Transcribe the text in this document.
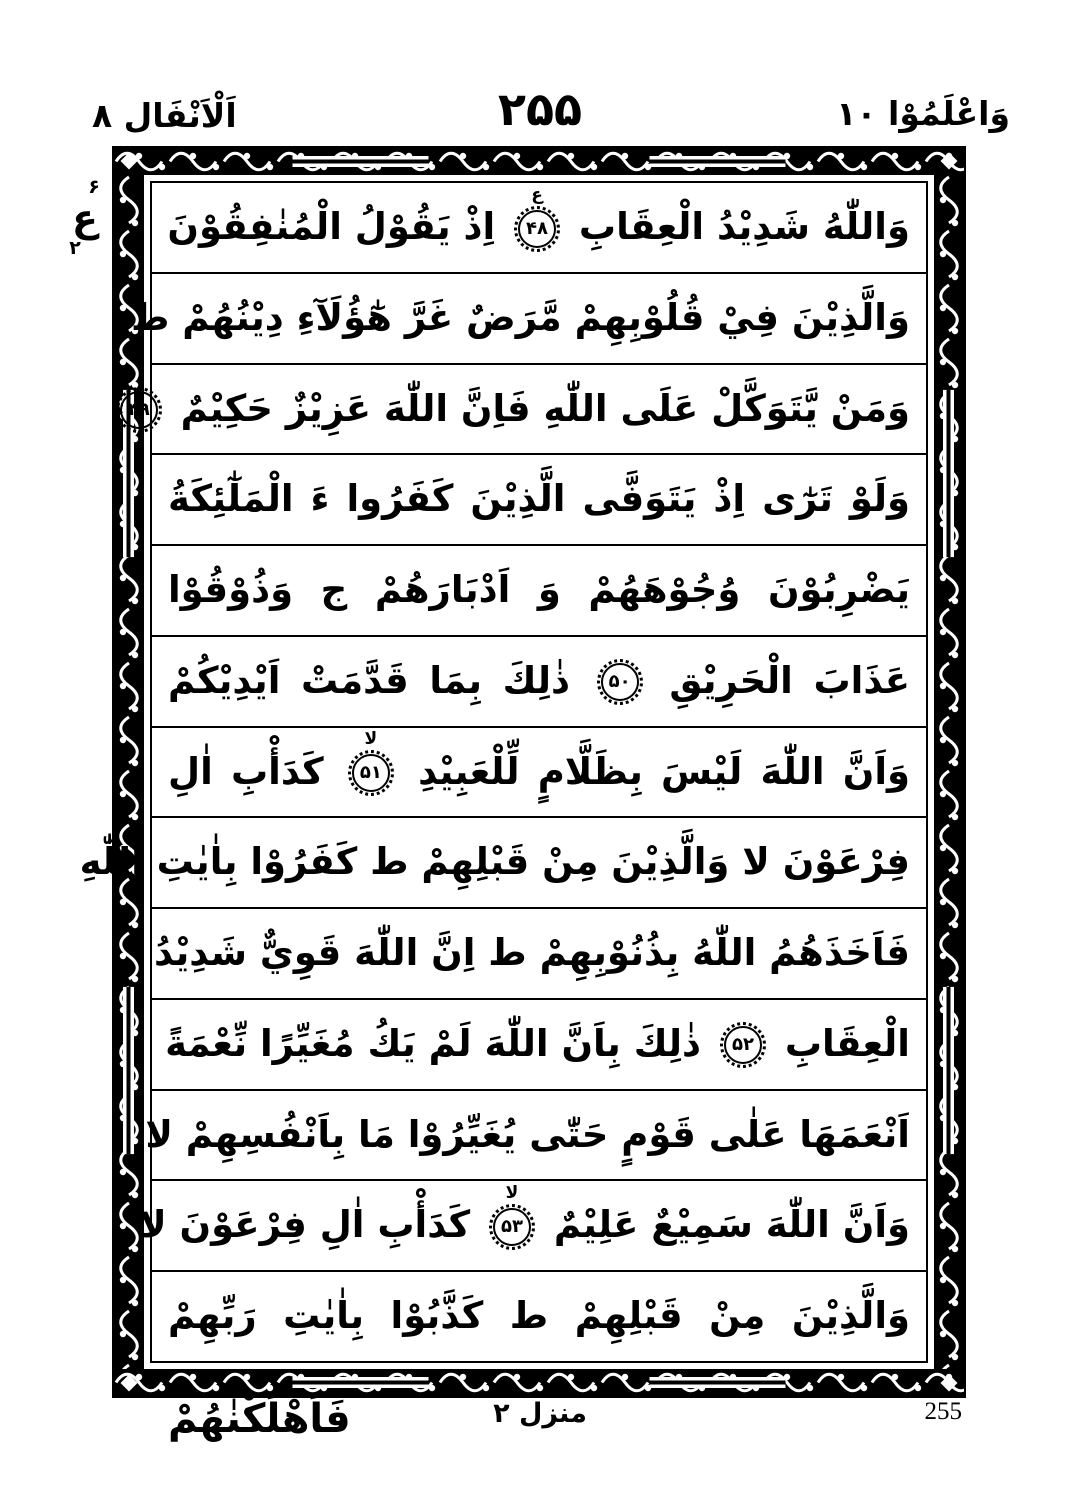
اَلْاَنْفَال ۸	۲۵۵	وَاعْلَمُوْا ۱۰
۶
ع
۲	وَاللّٰهُ شَدِيْدُ الْعِقَابِ
ع
۴۸
اِذْ يَقُوْلُ الْمُنٰفِقُوْنَ
وَالَّذِيْنَ فِيْ قُلُوْبِهِمْ مَّرَضٌ غَرَّ هٰٓؤُلَآءِ دِيْنُهُمْ ط
وَمَنْ يَّتَوَكَّلْ عَلَى اللّٰهِ فَاِنَّ اللّٰهَ عَزِيْزٌ حَكِيْمٌ
۴۹
وَلَوْ تَرٰٓى اِذْ يَتَوَفَّى الَّذِيْنَ كَفَرُوا ءَ الْمَلٰٓئِكَةُ
يَضْرِبُوْنَ وُجُوْهَهُمْ وَ اَدْبَارَهُمْ ج وَذُوْقُوْا
عَذَابَ الْحَرِيْقِ
۵۰
ذٰلِكَ بِمَا قَدَّمَتْ اَيْدِيْكُمْ
وَاَنَّ اللّٰهَ لَيْسَ بِظَلَّامٍ لِّلْعَبِيْدِ
لا
۵۱
كَدَأْبِ اٰلِ
فِرْعَوْنَ لا وَالَّذِيْنَ مِنْ قَبْلِهِمْ ط كَفَرُوْا بِاٰيٰتِ اللّٰهِ
فَاَخَذَهُمُ اللّٰهُ بِذُنُوْبِهِمْ ط اِنَّ اللّٰهَ قَوِيٌّ شَدِيْدُ
الْعِقَابِ
۵۲
ذٰلِكَ بِاَنَّ اللّٰهَ لَمْ يَكُ مُغَيِّرًا نِّعْمَةً
اَنْعَمَهَا عَلٰى قَوْمٍ حَتّٰى يُغَيِّرُوْا مَا بِاَنْفُسِهِمْ لا
وَاَنَّ اللّٰهَ سَمِيْعٌ عَلِيْمٌ
لا
۵۳
كَدَأْبِ اٰلِ فِرْعَوْنَ لا
وَالَّذِيْنَ مِنْ قَبْلِهِمْ ط كَذَّبُوْا بِاٰيٰتِ رَبِّهِمْ
فَاَهْلَكْنٰهُمْ	منزل ۲	255
